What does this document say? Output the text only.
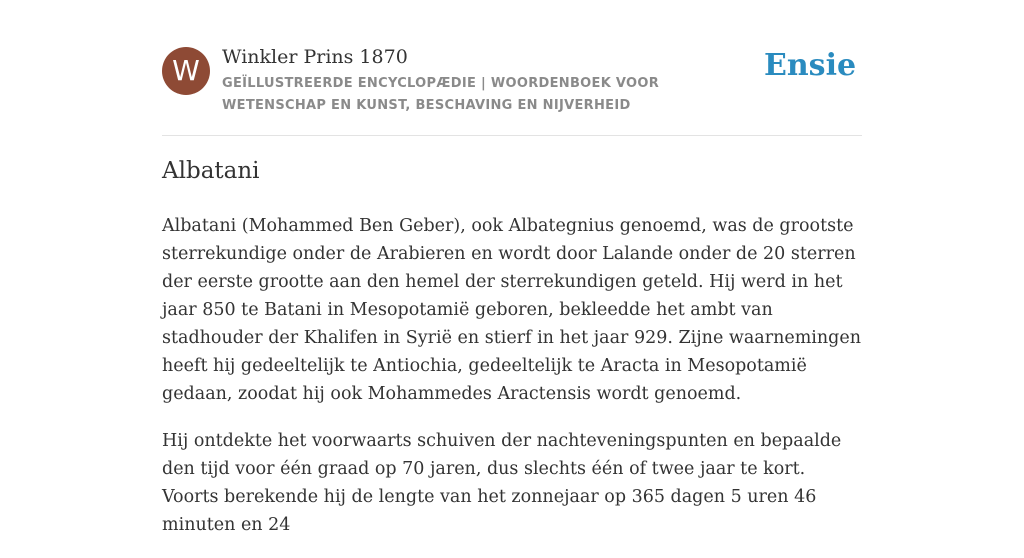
W	Winkler Prins 1870
GEÏLLUSTREERDE ENCYCLOPÆDIE | WOORDENBOEK VOOR WETENSCHAP EN KUNST, BESCHAVING EN NIJVERHEID
Ensie
Albatani

Albatani (Mohammed Ben Geber), ook Albategnius genoemd, was de grootste sterrekundige onder de Arabieren en wordt door Lalande onder de 20 sterren der eerste grootte aan den hemel der sterrekundigen geteld. Hij werd in het jaar 850 te Batani in Mesopotamië geboren, bekleedde het ambt van stadhouder der Khalifen in Syrië en stierf in het jaar 929. Zijne waarnemingen heeft hij gedeeltelijk te Antiochia, gedeeltelijk te Aracta in Mesopotamië gedaan, zoodat hij ook Mohammedes Aractensis wordt genoemd.

Hij ontdekte het voorwaarts schuiven der nachteveningspunten en bepaalde den tijd voor één graad op 70 jaren, dus slechts één of twee jaar te kort. Voorts berekende hij de lengte van het zonnejaar op 365 dagen 5 uren 46 minuten en 24
